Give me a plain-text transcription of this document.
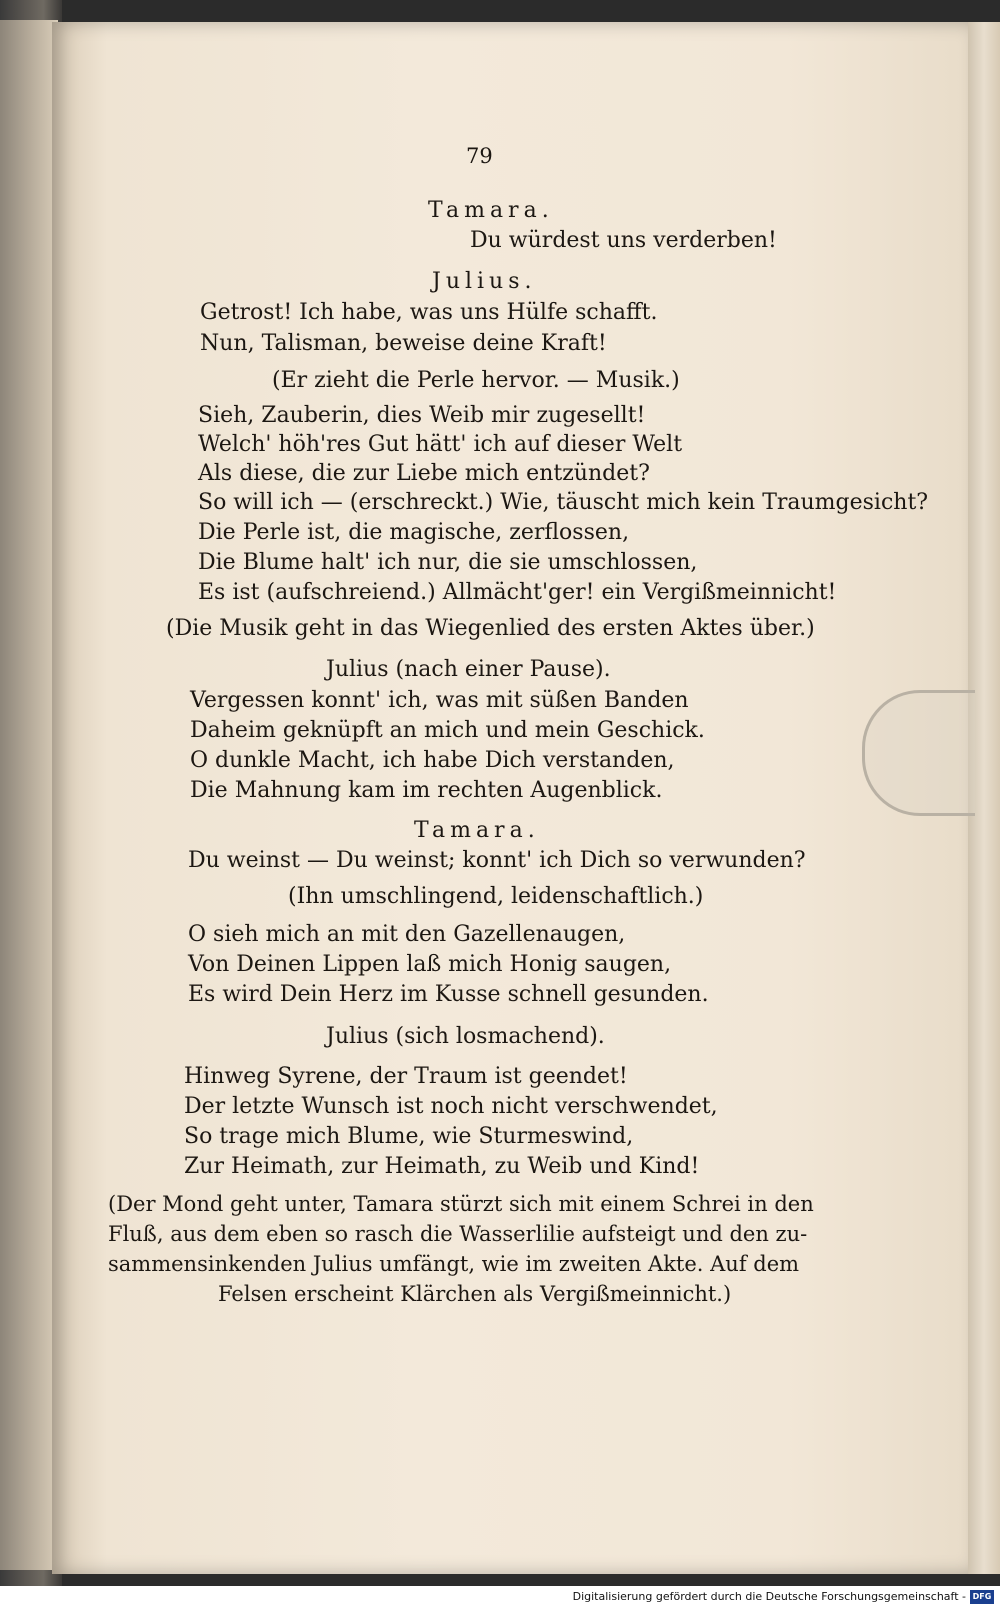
79
Tamara.
Du würdest uns verderben!
Julius.
Getrost! Ich habe, was uns Hülfe schafft.
Nun, Talisman, beweise deine Kraft!
(Er zieht die Perle hervor. — Musik.)
Sieh, Zauberin, dies Weib mir zugesellt!
Welch' höh'res Gut hätt' ich auf dieser Welt
Als diese, die zur Liebe mich entzündet?
So will ich — (erschreckt.) Wie, täuscht mich kein Traumgesicht?
Die Perle ist, die magische, zerflossen,
Die Blume halt' ich nur, die sie umschlossen,
Es ist (aufschreiend.) Allmächt'ger! ein Vergißmeinnicht!
(Die Musik geht in das Wiegenlied des ersten Aktes über.)
Julius (nach einer Pause).
Vergessen konnt' ich, was mit süßen Banden
Daheim geknüpft an mich und mein Geschick.
O dunkle Macht, ich habe Dich verstanden,
Die Mahnung kam im rechten Augenblick.
Tamara.
Du weinst — Du weinst; konnt' ich Dich so verwunden?
(Ihn umschlingend, leidenschaftlich.)
O sieh mich an mit den Gazellenaugen,
Von Deinen Lippen laß mich Honig saugen,
Es wird Dein Herz im Kusse schnell gesunden.
Julius (sich losmachend).
Hinweg Syrene, der Traum ist geendet!
Der letzte Wunsch ist noch nicht verschwendet,
So trage mich Blume, wie Sturmeswind,
Zur Heimath, zur Heimath, zu Weib und Kind!
(Der Mond geht unter, Tamara stürzt sich mit einem Schrei in den
Fluß, aus dem eben so rasch die Wasserlilie aufsteigt und den zu-
sammensinkenden Julius umfängt, wie im zweiten Akte. Auf dem
Felsen erscheint Klärchen als Vergißmeinnicht.)
Digitalisierung gefördert durch die Deutsche Forschungsgemeinschaft - DFG
